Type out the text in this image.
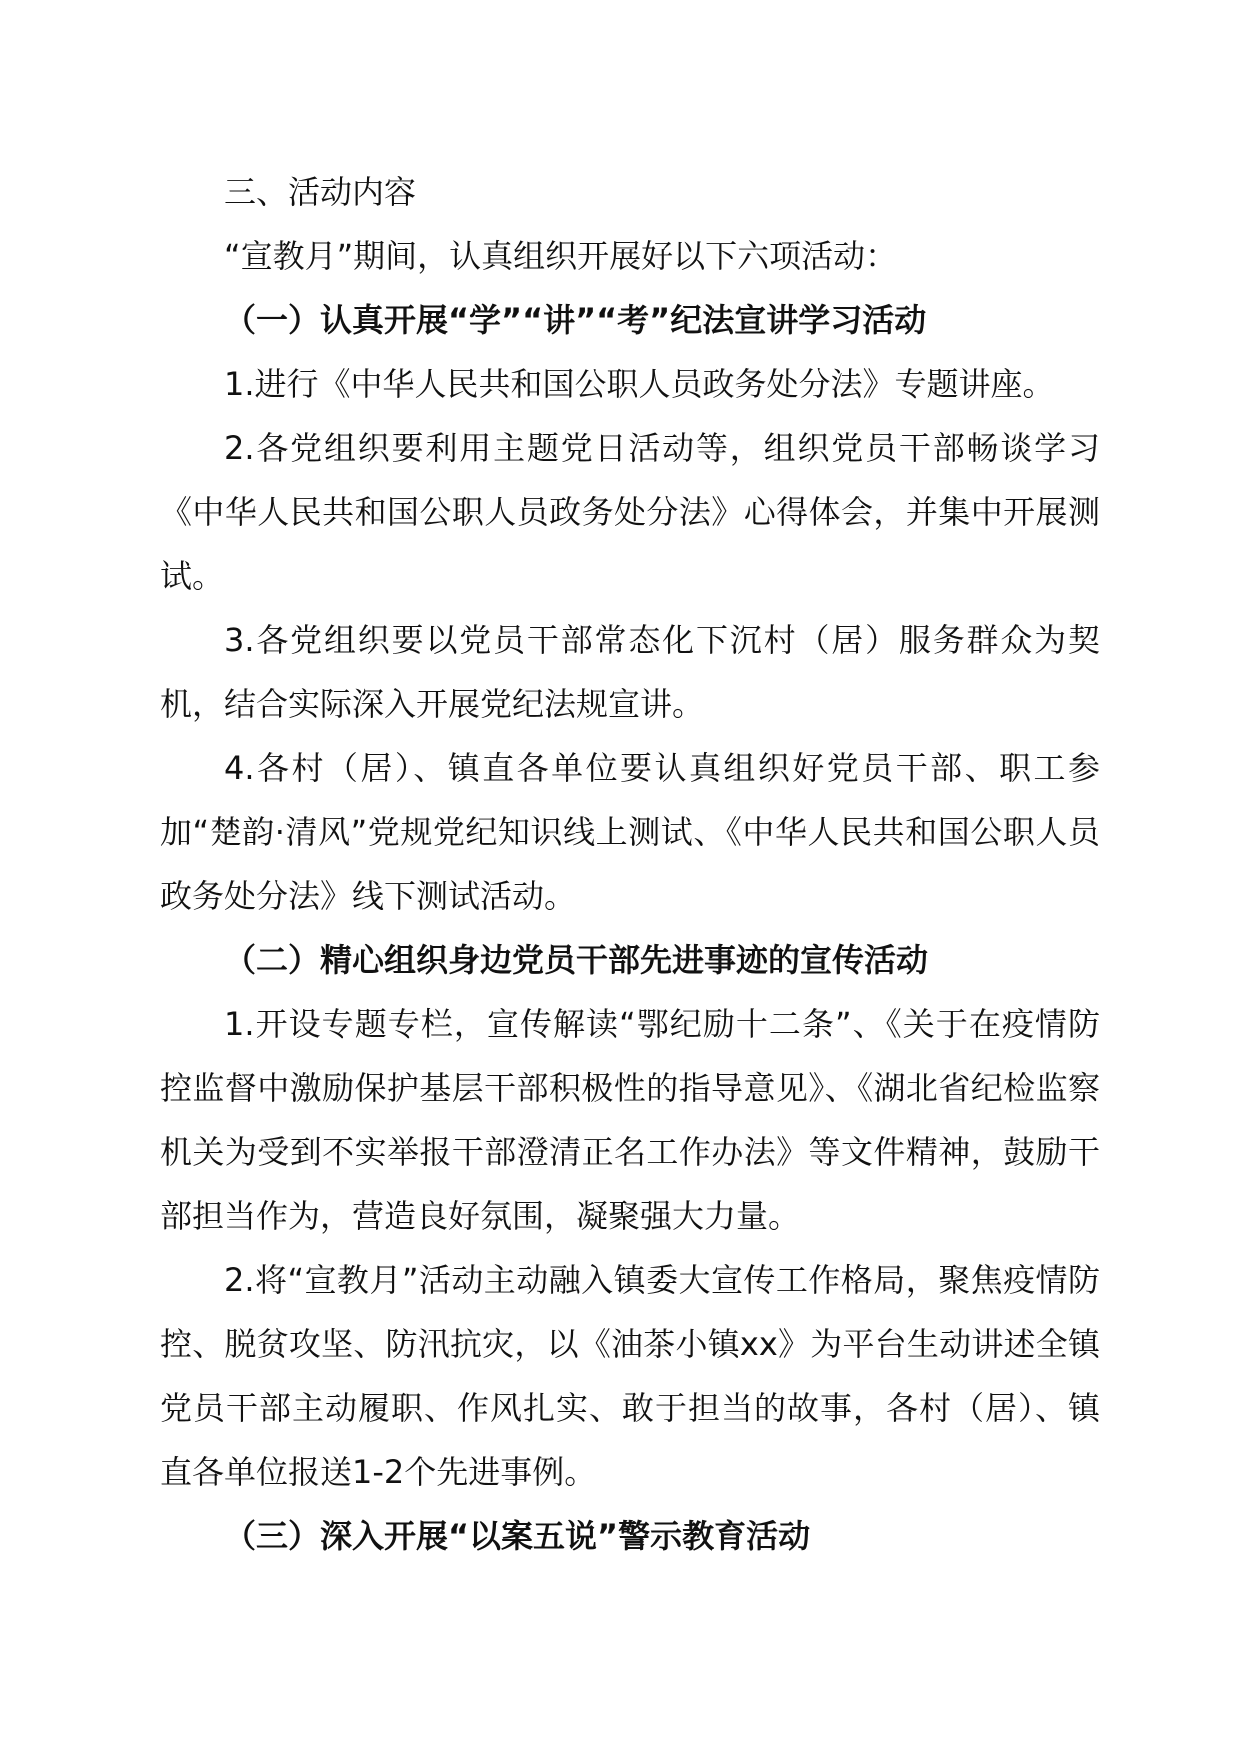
三、活动内容

“宣教月”期间，认真组织开展好以下六项活动：

（一）认真开展“学”“讲”“考”纪法宣讲学习活动

1.进行《中华人民共和国公职人员政务处分法》专题讲座。

2.各党组织要利用主题党日活动等，组织党员干部畅谈学习《中华人民共和国公职人员政务处分法》心得体会，并集中开展测试。

3.各党组织要以党员干部常态化下沉村（居）服务群众为契机，结合实际深入开展党纪法规宣讲。

4.各村（居）、镇直各单位要认真组织好党员干部、职工参加“楚韵·清风”党规党纪知识线上测试、《中华人民共和国公职人员政务处分法》线下测试活动。

（二）精心组织身边党员干部先进事迹的宣传活动

1.开设专题专栏，宣传解读“鄂纪励十二条”、《关于在疫情防控监督中激励保护基层干部积极性的指导意见》、《湖北省纪检监察机关为受到不实举报干部澄清正名工作办法》等文件精神，鼓励干部担当作为，营造良好氛围，凝聚强大力量。

2.将“宣教月”活动主动融入镇委大宣传工作格局，聚焦疫情防控、脱贫攻坚、防汛抗灾，以《油茶小镇xx》为平台生动讲述全镇党员干部主动履职、作风扎实、敢于担当的故事，各村（居）、镇直各单位报送1-2个先进事例。

（三）深入开展“以案五说”警示教育活动
